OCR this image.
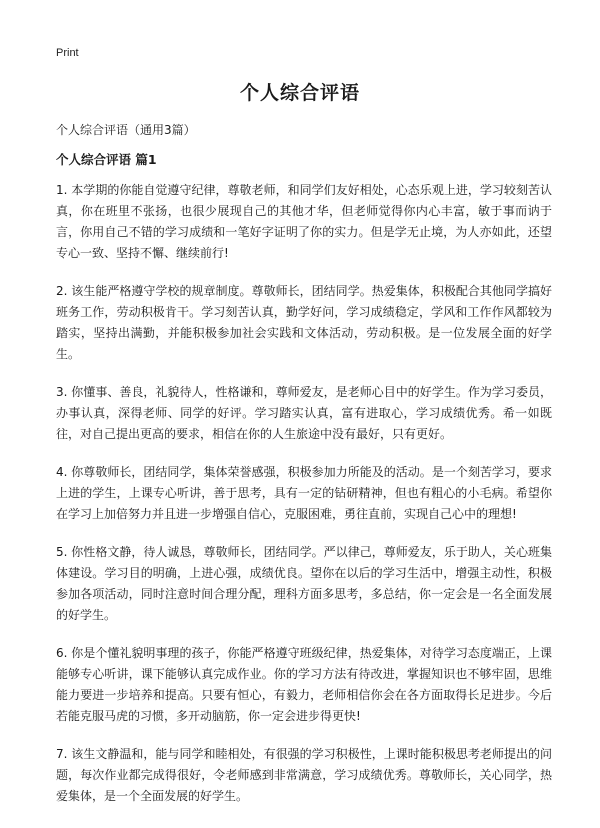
Print
个人综合评语

个人综合评语（通用3篇）

个人综合评语 篇1

1. 本学期的你能自觉遵守纪律，尊敬老师，和同学们友好相处，心态乐观上进，学习较刻苦认真，你在班里不张扬，也很少展现自己的其他才华，但老师觉得你内心丰富，敏于事而讷于言，你用自己不错的学习成绩和一笔好字证明了你的实力。但是学无止境，为人亦如此，还望专心一致、坚持不懈、继续前行!

2. 该生能严格遵守学校的规章制度。尊敬师长，团结同学。热爱集体，积极配合其他同学搞好班务工作，劳动积极肯干。学习刻苦认真，勤学好问，学习成绩稳定，学风和工作作风都较为踏实，坚持出满勤，并能积极参加社会实践和文体活动，劳动积极。是一位发展全面的好学生。

3. 你懂事、善良，礼貌待人，性格谦和，尊师爱友，是老师心目中的好学生。作为学习委员，办事认真，深得老师、同学的好评。学习踏实认真，富有进取心，学习成绩优秀。希一如既往，对自己提出更高的要求，相信在你的人生旅途中没有最好，只有更好。

4. 你尊敬师长，团结同学，集体荣誉感强，积极参加力所能及的活动。是一个刻苦学习，要求上进的学生，上课专心听讲，善于思考，具有一定的钻研精神，但也有粗心的小毛病。希望你在学习上加倍努力并且进一步增强自信心，克服困难，勇往直前，实现自己心中的理想!

5. 你性格文静，待人诚恳，尊敬师长，团结同学。严以律己，尊师爱友，乐于助人，关心班集体建设。学习目的明确，上进心强，成绩优良。望你在以后的学习生活中，增强主动性，积极参加各项活动，同时注意时间合理分配，理科方面多思考，多总结，你一定会是一名全面发展的好学生。

6. 你是个懂礼貌明事理的孩子，你能严格遵守班级纪律，热爱集体，对待学习态度端正，上课能够专心听讲，课下能够认真完成作业。你的学习方法有待改进，掌握知识也不够牢固，思维能力要进一步培养和提高。只要有恒心，有毅力，老师相信你会在各方面取得长足进步。今后若能克服马虎的习惯，多开动脑筋，你一定会进步得更快!

7. 该生文静温和，能与同学和睦相处，有很强的学习积极性，上课时能积极思考老师提出的问题，每次作业都完成得很好，令老师感到非常满意，学习成绩优秀。尊敬师长，关心同学，热爱集体，是一个全面发展的好学生。
